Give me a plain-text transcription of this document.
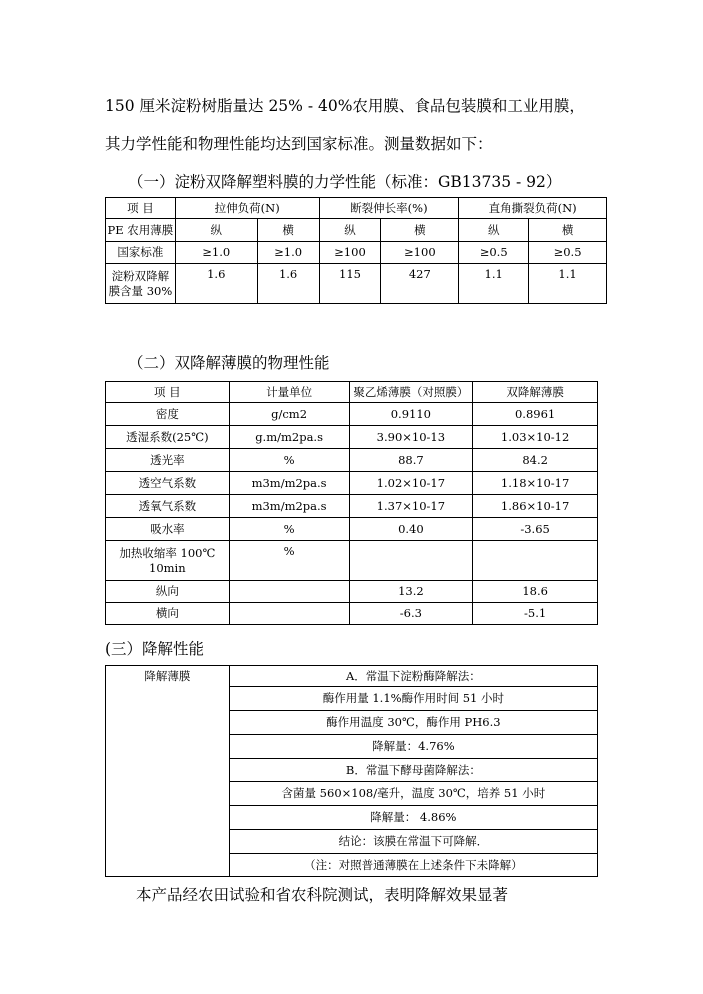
150 厘米淀粉树脂量达 25% - 40%农用膜、食品包装膜和工业用膜，
其力学性能和物理性能均达到国家标准。测量数据如下：
（一）淀粉双降解塑料膜的力学性能（标准：GB13735 - 92）
项 目	拉伸负荷(N)		断裂伸长率(%)		直角撕裂负荷(N)	
PE 农用薄膜	纵	横	纵	横	纵	横
国家标准	≥1.0	≥1.0	≥100	≥100	≥0.5	≥0.5

淀粉双降解
膜含量 30%	1.6	1.6	115	427	1.1	1.1
（二）双降解薄膜的物理性能
项 目	计量单位	聚乙烯薄膜（对照膜）	双降解薄膜
密度	g/cm2	0.9110	0.8961
透湿系数(25℃)	g.m/m2pa.s	3.90×10-13	1.03×10-12
透光率	%	88.7	84.2
透空气系数	m3m/m2pa.s	1.02×10-17	1.18×10-17
透氧气系数	m3m/m2pa.s	1.37×10-17	1.86×10-17
吸水率	%	0.40	-3.65

加热收缩率 100℃
10min	%		
纵向		13.2	18.6
横向		-6.3	-5.1
(三）降解性能
降解薄膜	A．常温下淀粉酶降解法：
酶作用量 1.1%酶作用时间 51 小时
酶作用温度 30℃，酶作用 PH6.3
降解量：4.76%
B．常温下酵母菌降解法：
含菌量 560×108/毫升，温度 30℃，培养 51 小时
降解量： 4.86%
结论：该膜在常温下可降解．
（注：对照普通薄膜在上述条件下未降解）
本产品经农田试验和省农科院测试，表明降解效果显著
